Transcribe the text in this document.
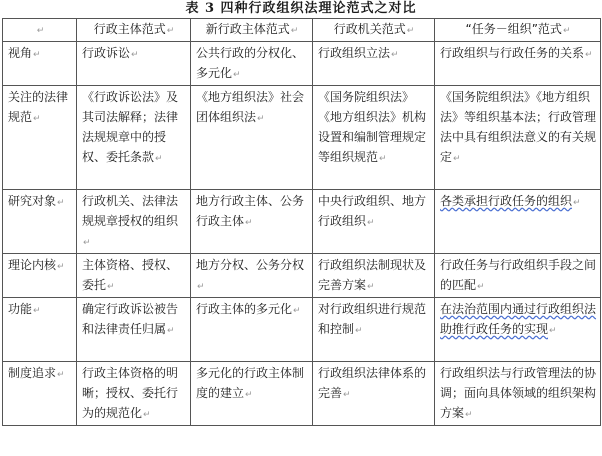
表 3 四种行政组织法理论范式之对比
↵	行政主体范式↵	新行政主体范式↵	行政机关范式↵	“任务－组织”范式↵
视角↵	行政诉讼↵	公共行政的分权化、多元化↵	行政组织立法↵	行政组织与行政任务的关系↵
关注的法律规范↵	《行政诉讼法》及其司法解释；法律法规规章中的授权、委托条款↵	《地方组织法》社会团体组织法↵	《国务院组织法》《地方组织法》机构设置和编制管理规定等组织规范↵	《国务院组织法》《地方组织法》等组织基本法；行政管理法中具有组织法意义的有关规定↵
研究对象↵	行政机关、法律法规规章授权的组织↵	地方行政主体、公务行政主体↵	中央行政组织、地方行政组织↵	各类承担行政任务的组织↵
理论内核↵	主体资格、授权、委托↵	地方分权、公务分权↵	行政组织法制现状及完善方案↵	行政任务与行政组织手段之间的匹配↵
功能↵	确定行政诉讼被告和法律责任归属↵	行政主体的多元化↵	对行政组织进行规范和控制↵	在法治范围内通过行政组织法助推行政任务的实现↵
制度追求↵	行政主体资格的明晰；授权、委托行为的规范化↵	多元化的行政主体制度的建立↵	行政组织法律体系的完善↵	行政组织法与行政管理法的协调；面向具体领域的组织架构方案↵
